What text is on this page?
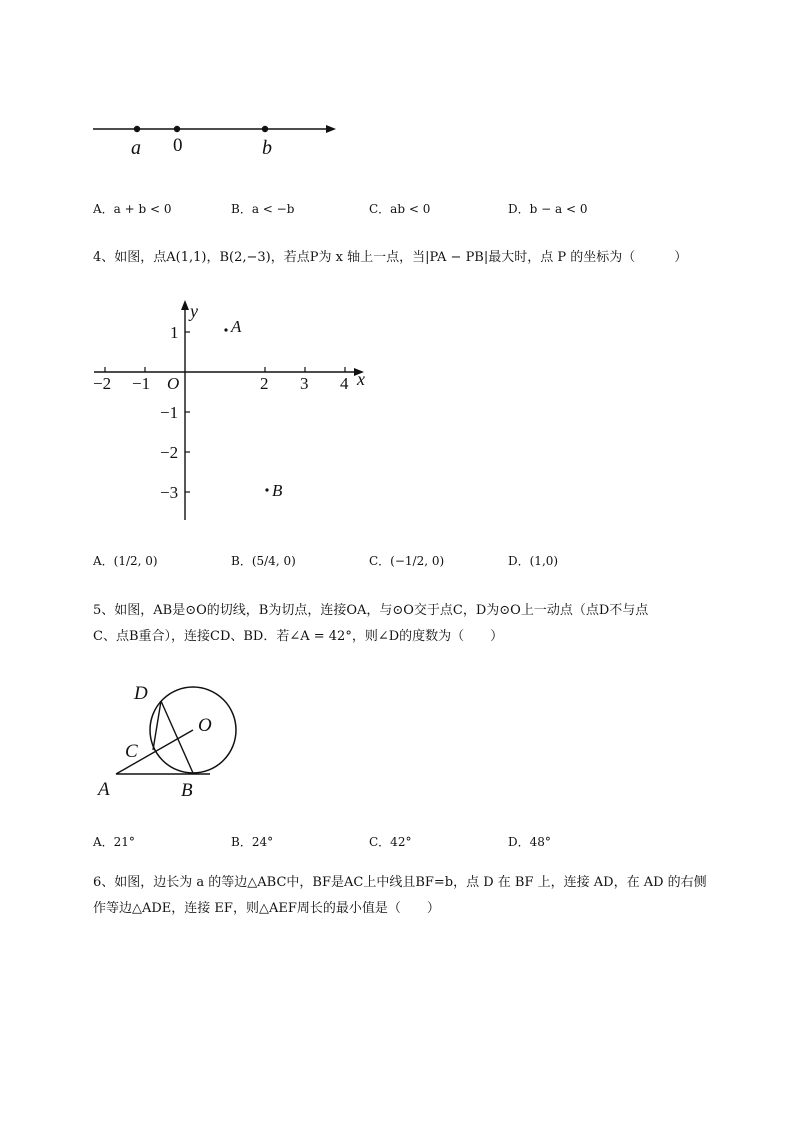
a 0	b
A．a + b < 0	B．a < −b	C．ab < 0	D．b − a < 0
4、如图，点A(1,1)，B(2,−3)，若点P为 x 轴上一点，当|PA − PB|最大时，点 P 的坐标为（　　　）
y
x
O
−2 −1	2 3 4
1
−1
−2
−3
A
B
A．(1/2, 0)	B．(5/4, 0)	C．(−1/2, 0)	D．(1,0)
5、如图，AB是⊙O的切线，B为切点，连接OA，与⊙O交于点C，D为⊙O上一动点（点D不与点
C、点B重合），连接CD、BD．若∠A = 42°，则∠D的度数为（　　）
D
O
C
A	B
A．21°	B．24°	C．42°	D．48°
6、如图，边长为 a 的等边△ABC中，BF是AC上中线且BF=b，点 D 在 BF 上，连接 AD，在 AD 的右侧
作等边△ADE，连接 EF，则△AEF周长的最小值是（　　）
